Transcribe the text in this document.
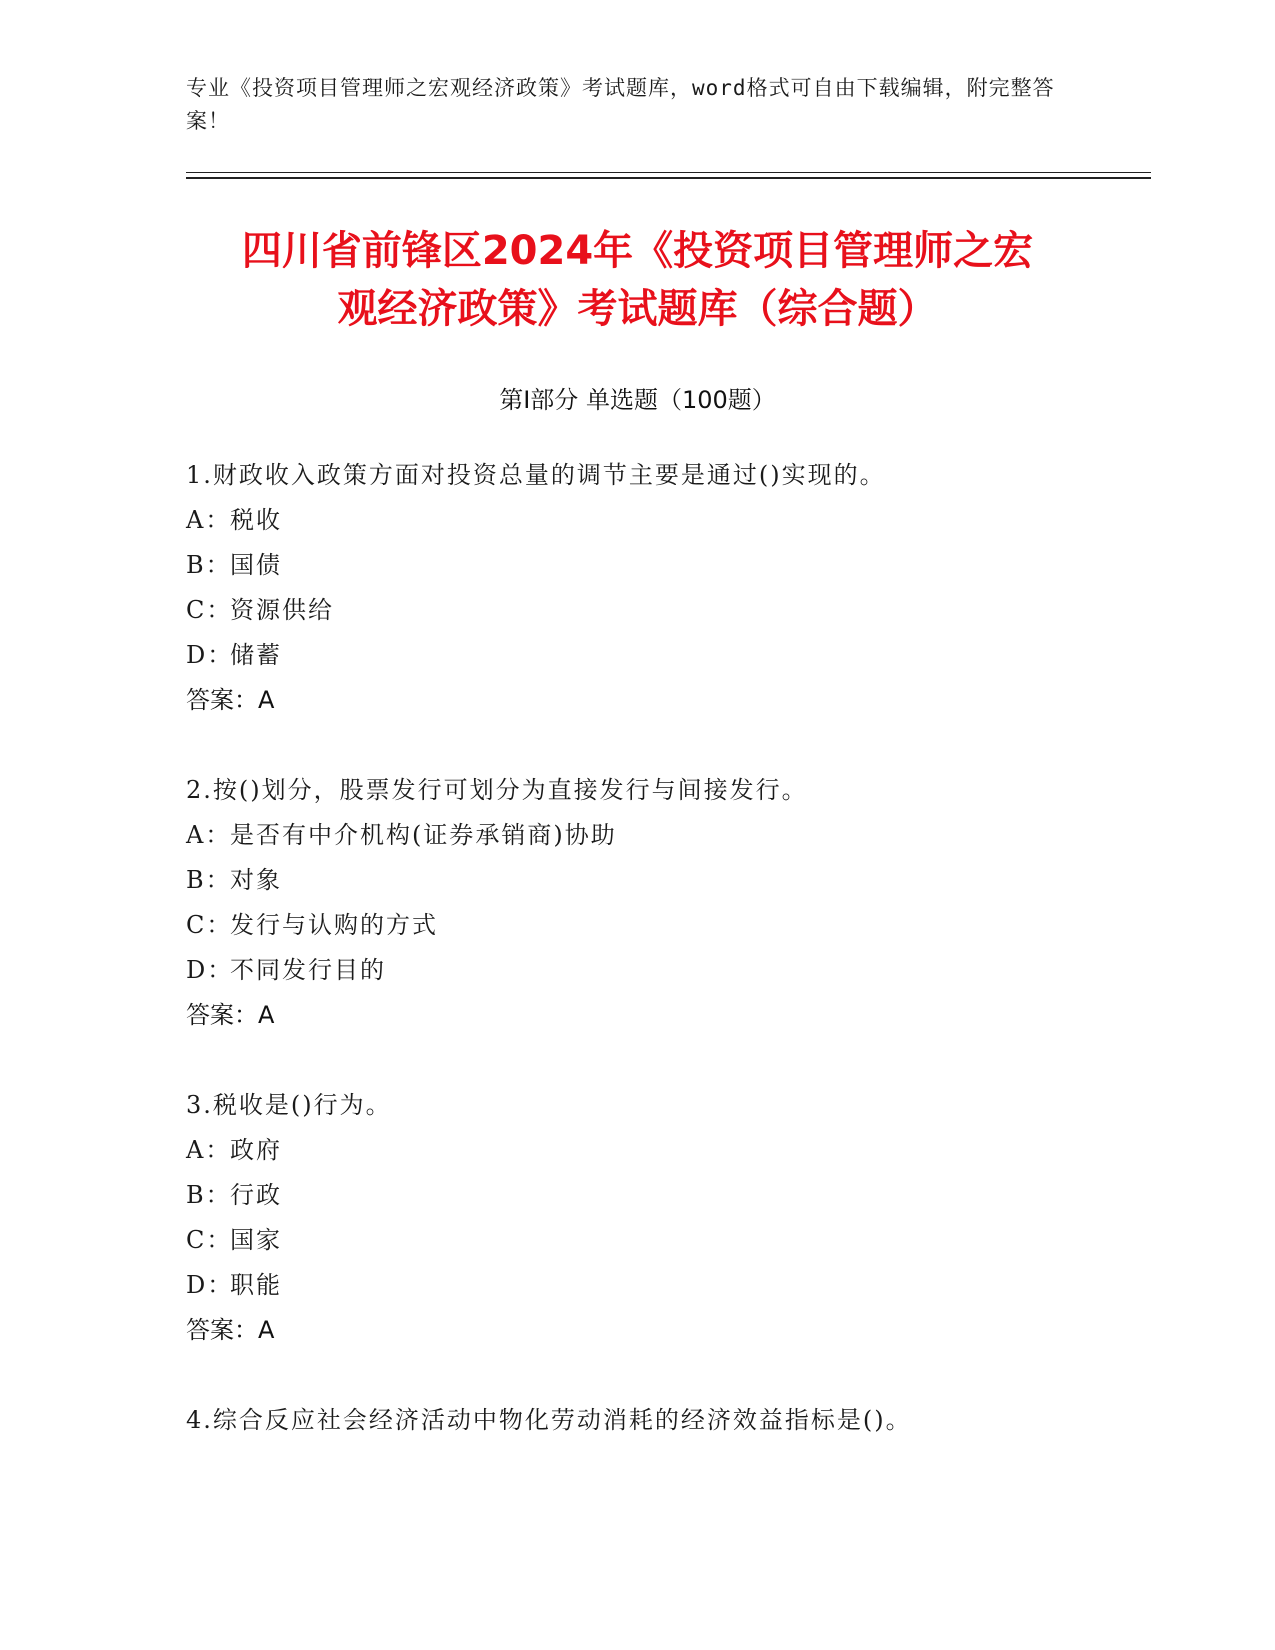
专业《投资项目管理师之宏观经济政策》考试题库，word格式可自由下载编辑，附完整答案！
四川省前锋区2024年《投资项目管理师之宏
观经济政策》考试题库（综合题）
第Ⅰ部分 单选题（100题）
1.财政收入政策方面对投资总量的调节主要是通过()实现的。
A：税收
B：国债
C：资源供给
D：储蓄
答案：A
2.按()划分，股票发行可划分为直接发行与间接发行。
A：是否有中介机构(证券承销商)协助
B：对象
C：发行与认购的方式
D：不同发行目的
答案：A
3.税收是()行为。
A：政府
B：行政
C：国家
D：职能
答案：A
4.综合反应社会经济活动中物化劳动消耗的经济效益指标是()。
